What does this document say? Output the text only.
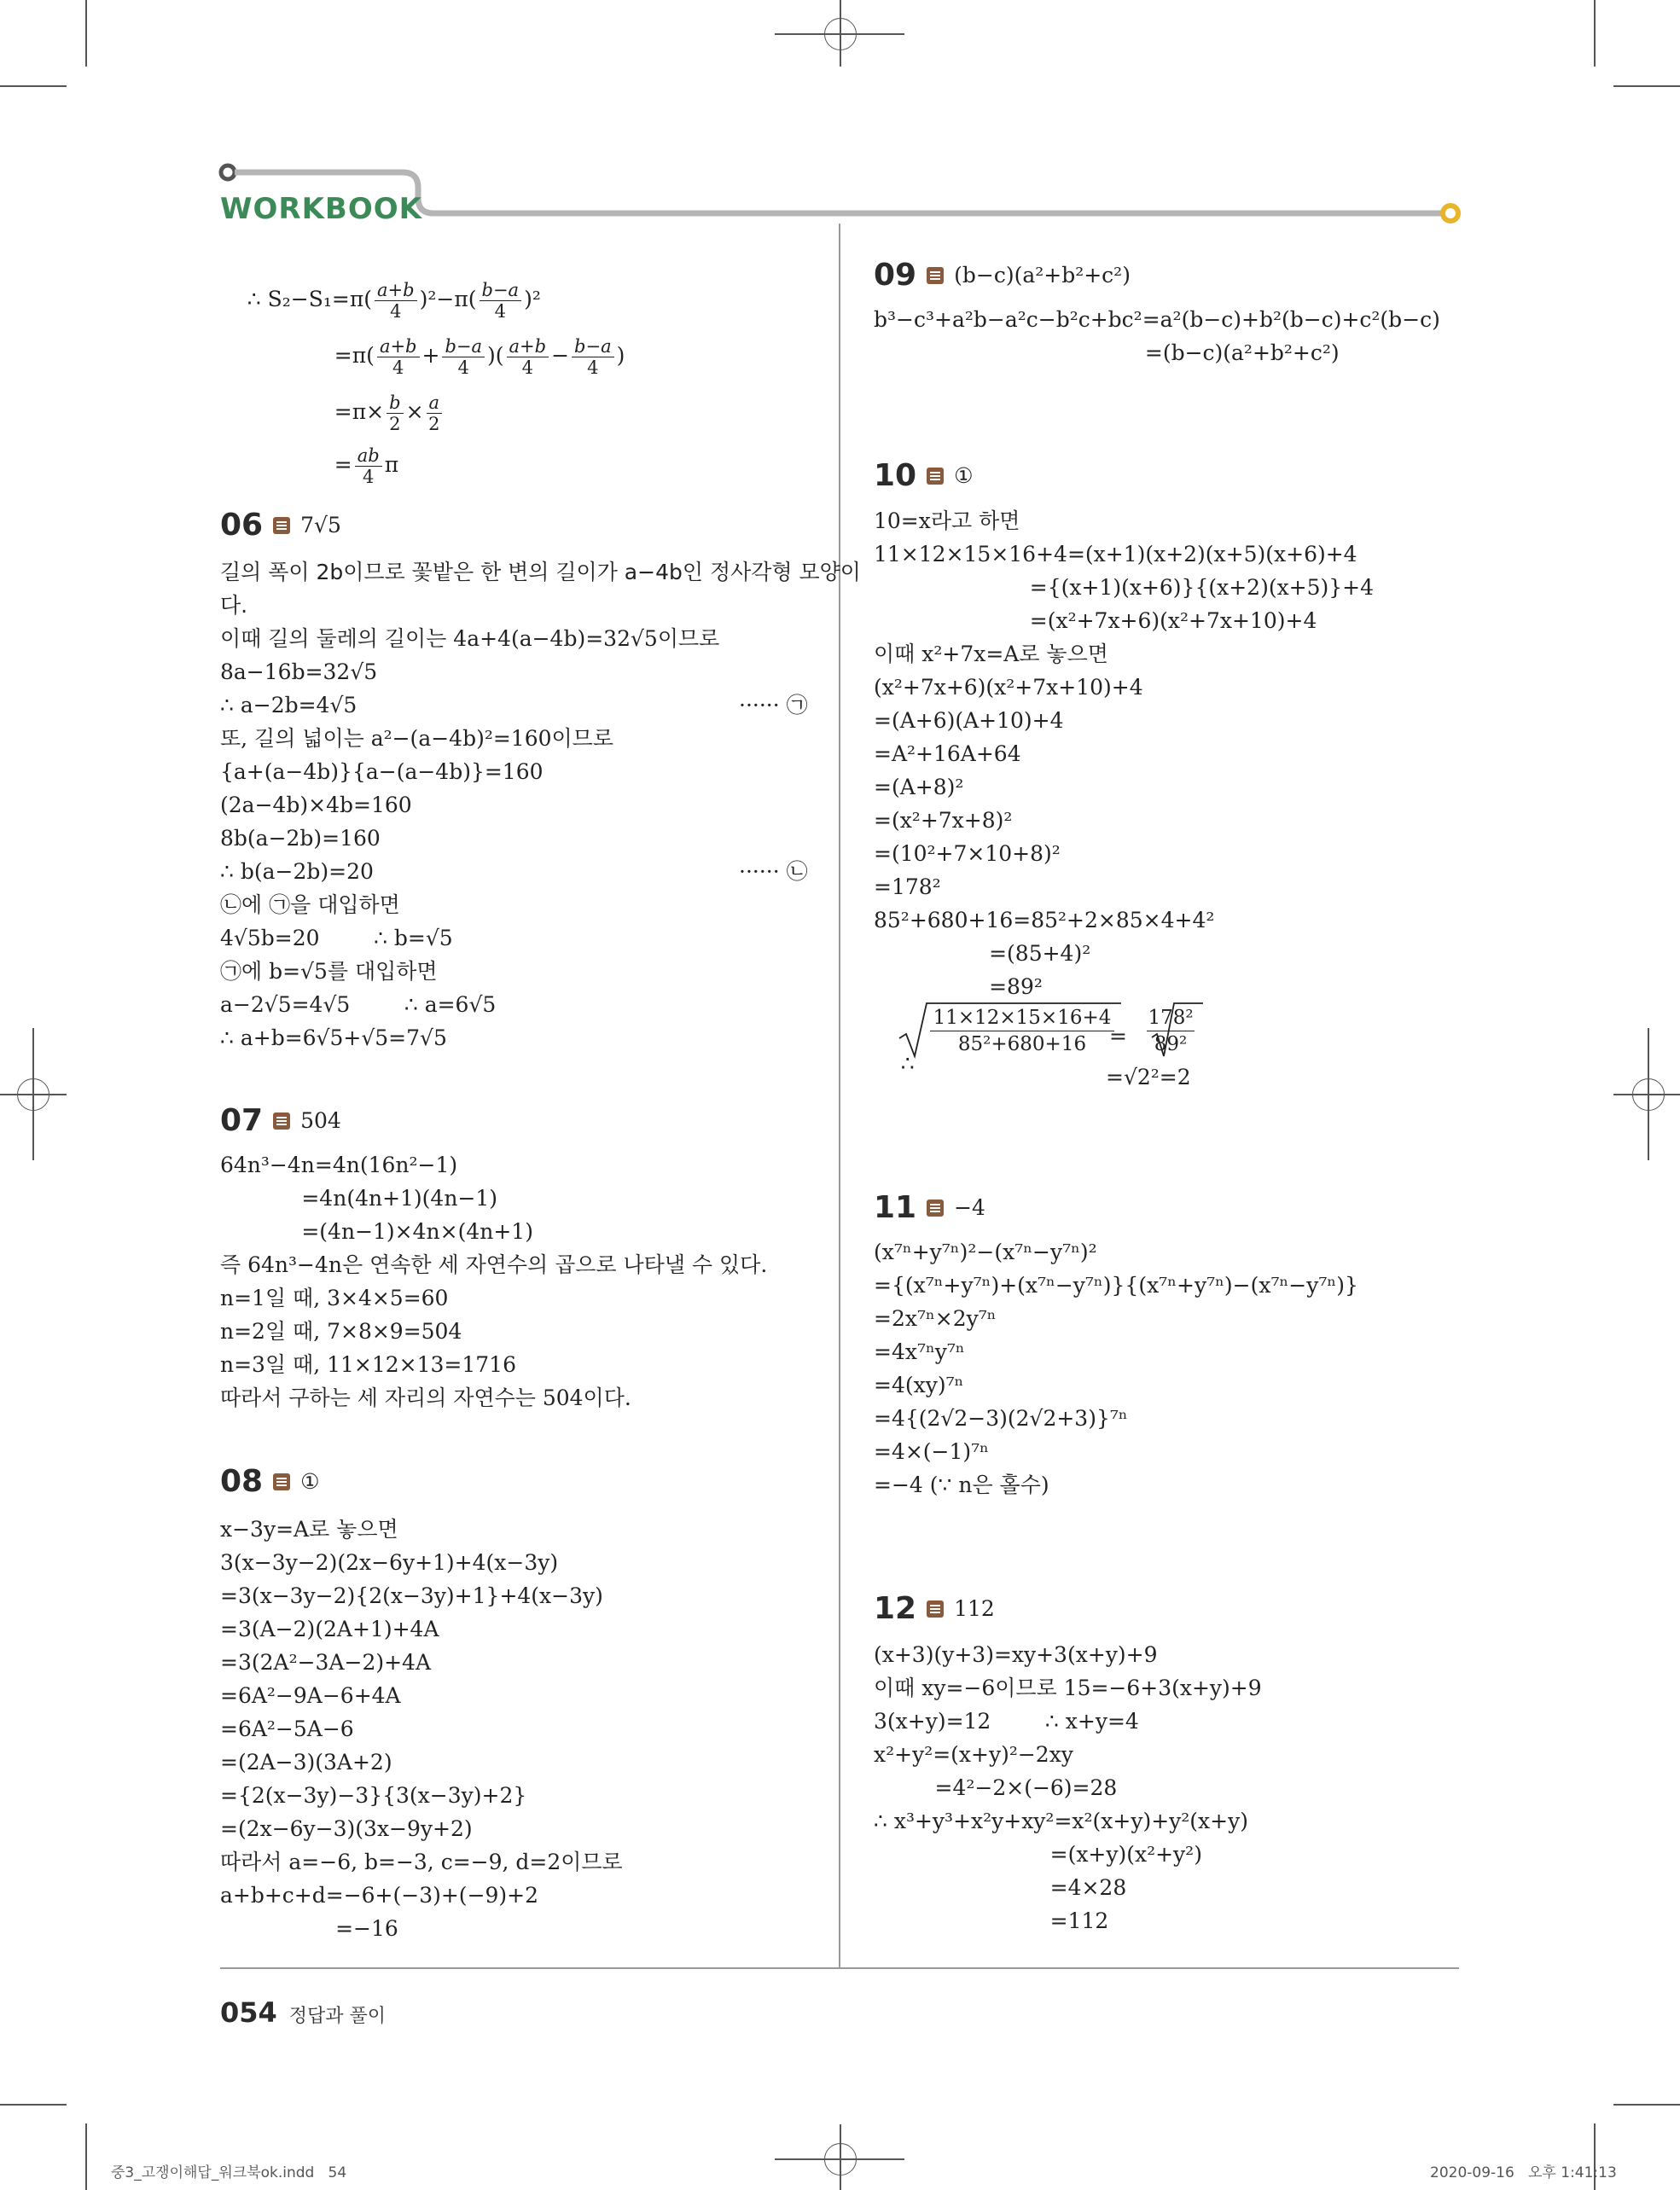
WORKBOOK

∴ $S_2-S_1=\pi( \frac{a+b}{4} )^2-\pi( \frac{b-a}{4} )^2$

$=\pi( \frac{a+b}{4} + \frac{b-a}{4}$ )( $\frac{a+b}{4} - \frac{b-a}{4}$ )

$=\pi\times \frac{b}{2} \times \frac{a}{2}$

= $\frac{ab}{4}$ π

06 7√5
길의 폭이 2b이므로 꽃밭은 한 변의 길이가 a−4b인 정사각형 모양이
다.
이때 길의 둘레의 길이는 4a+4(a−4b)=32√5이므로
8a−16b=32√5
∴ a−2b=4√5	······ ㉠
또, 길의 넓이는 a²−(a−4b)²=160이므로
{a+(a−4b)}{a−(a−4b)}=160
(2a−4b)×4b=160
8b(a−2b)=160
∴ b(a−2b)=20	······ ㉡
㉡에 ㉠을 대입하면
4√5b=20        ∴ b=√5
㉠에 b=√5를 대입하면
a−2√5=4√5        ∴ a=6√5
∴ a+b=6√5+√5=7√5
07 504
64n³−4n=4n(16n²−1)
=4n(4n+1)(4n−1)
=(4n−1)×4n×(4n+1)
즉 64n³−4n은 연속한 세 자연수의 곱으로 나타낼 수 있다.
n=1일 때, 3×4×5=60
n=2일 때, 7×8×9=504
n=3일 때, 11×12×13=1716
따라서 구하는 세 자리의 자연수는 504이다.
08 ①
x−3y=A로 놓으면
3(x−3y−2)(2x−6y+1)+4(x−3y)
=3(x−3y−2){2(x−3y)+1}+4(x−3y)
=3(A−2)(2A+1)+4A
=3(2A²−3A−2)+4A
=6A²−9A−6+4A
=6A²−5A−6
=(2A−3)(3A+2)
={2(x−3y)−3}{3(x−3y)+2}
=(2x−6y−3)(3x−9y+2)
따라서 a=−6, b=−3, c=−9, d=2이므로
a+b+c+d=−6+(−3)+(−9)+2
=−16
09 (b−c)(a²+b²+c²)
b³−c³+a²b−a²c−b²c+bc²=a²(b−c)+b²(b−c)+c²(b−c)
=(b−c)(a²+b²+c²)
10 ①
10=x라고 하면
11×12×15×16+4=(x+1)(x+2)(x+5)(x+6)+4
={(x+1)(x+6)}{(x+2)(x+5)}+4
=(x²+7x+6)(x²+7x+10)+4
이때 x²+7x=A로 놓으면
(x²+7x+6)(x²+7x+10)+4
=(A+6)(A+10)+4
=A²+16A+64
=(A+8)²
=(x²+7x+8)²
=(10²+7×10+8)²
=178²
85²+680+16=85²+2×85×4+4²
=(85+4)²
=89²

∴

$\frac{11\times 12\times 15\times 16+4}{\text{85²+680+16}}$
= $\frac{\text{178²}}{\text{89²}}$
=√2²=2
11 −4
(x⁷ⁿ+y⁷ⁿ)²−(x⁷ⁿ−y⁷ⁿ)²
={(x⁷ⁿ+y⁷ⁿ)+(x⁷ⁿ−y⁷ⁿ)}{(x⁷ⁿ+y⁷ⁿ)−(x⁷ⁿ−y⁷ⁿ)}
=2x⁷ⁿ×2y⁷ⁿ
=4x⁷ⁿy⁷ⁿ
=4(xy)⁷ⁿ
=4{(2√2−3)(2√2+3)}⁷ⁿ
=4×(−1)⁷ⁿ
=−4 (∵ n은 홀수)
12 112
(x+3)(y+3)=xy+3(x+y)+9
이때 xy=−6이므로 15=−6+3(x+y)+9
3(x+y)=12        ∴ x+y=4
x²+y²=(x+y)²−2xy
=4²−2×(−6)=28
∴ x³+y³+x²y+xy²=x²(x+y)+y²(x+y)
=(x+y)(x²+y²)
=4×28
=112
054 정답과 풀이
중3_고쟁이해답_워크북ok.indd   54	2020-09-16   오후 1:41:13
